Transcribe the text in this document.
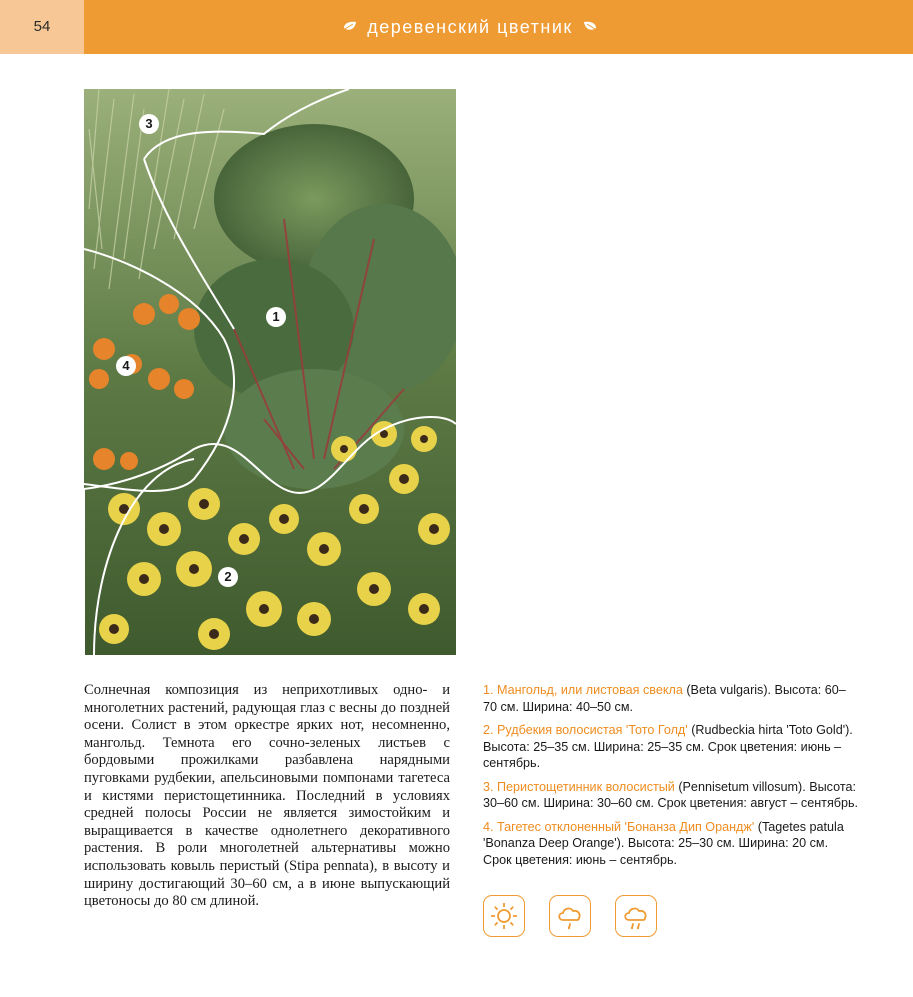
54	деревенский цветник
1
2
3
4
Солнечная композиция из неприхотливых одно- и многолетних растений, радующая глаз с весны до поздней осени. Солист в этом оркестре ярких нот, несомненно, мангольд. Темнота его сочно-зеленых листьев с бордовыми прожилками разбавлена нарядными пуговками рудбекии, апельсиновыми помпонами тагетеса и кистями перистощетинника. Последний в условиях средней полосы России не является зимостойким и выращивается в качестве однолетнего декоративного растения. В роли многолетней альтернативы можно использовать ковыль перистый (Stipa pennata), в высоту и ширину достигающий 30–60 см, а в июне выпускающий цветоносы до 80 см длиной.

1. Мангольд, или листовая свекла (Beta vulgaris). Высота: 60–70 см. Ширина: 40–50 см.

2. Рудбекия волосистая 'Тото Голд' (Rudbeckia hirta 'Toto Gold'). Высота: 25–35 см. Ширина: 25–35 см. Срок цветения: июнь – сентябрь.

3. Перистощетинник волосистый (Pennisetum villosum). Высота: 30–60 см. Ширина: 30–60 см. Срок цветения: август – сентябрь.

4. Тагетес отклоненный 'Бонанза Дип Орандж' (Tagetes patula 'Bonanza Deep Orange'). Высота: 25–30 см. Ширина: 20 см. Срок цветения: июнь – сентябрь.
